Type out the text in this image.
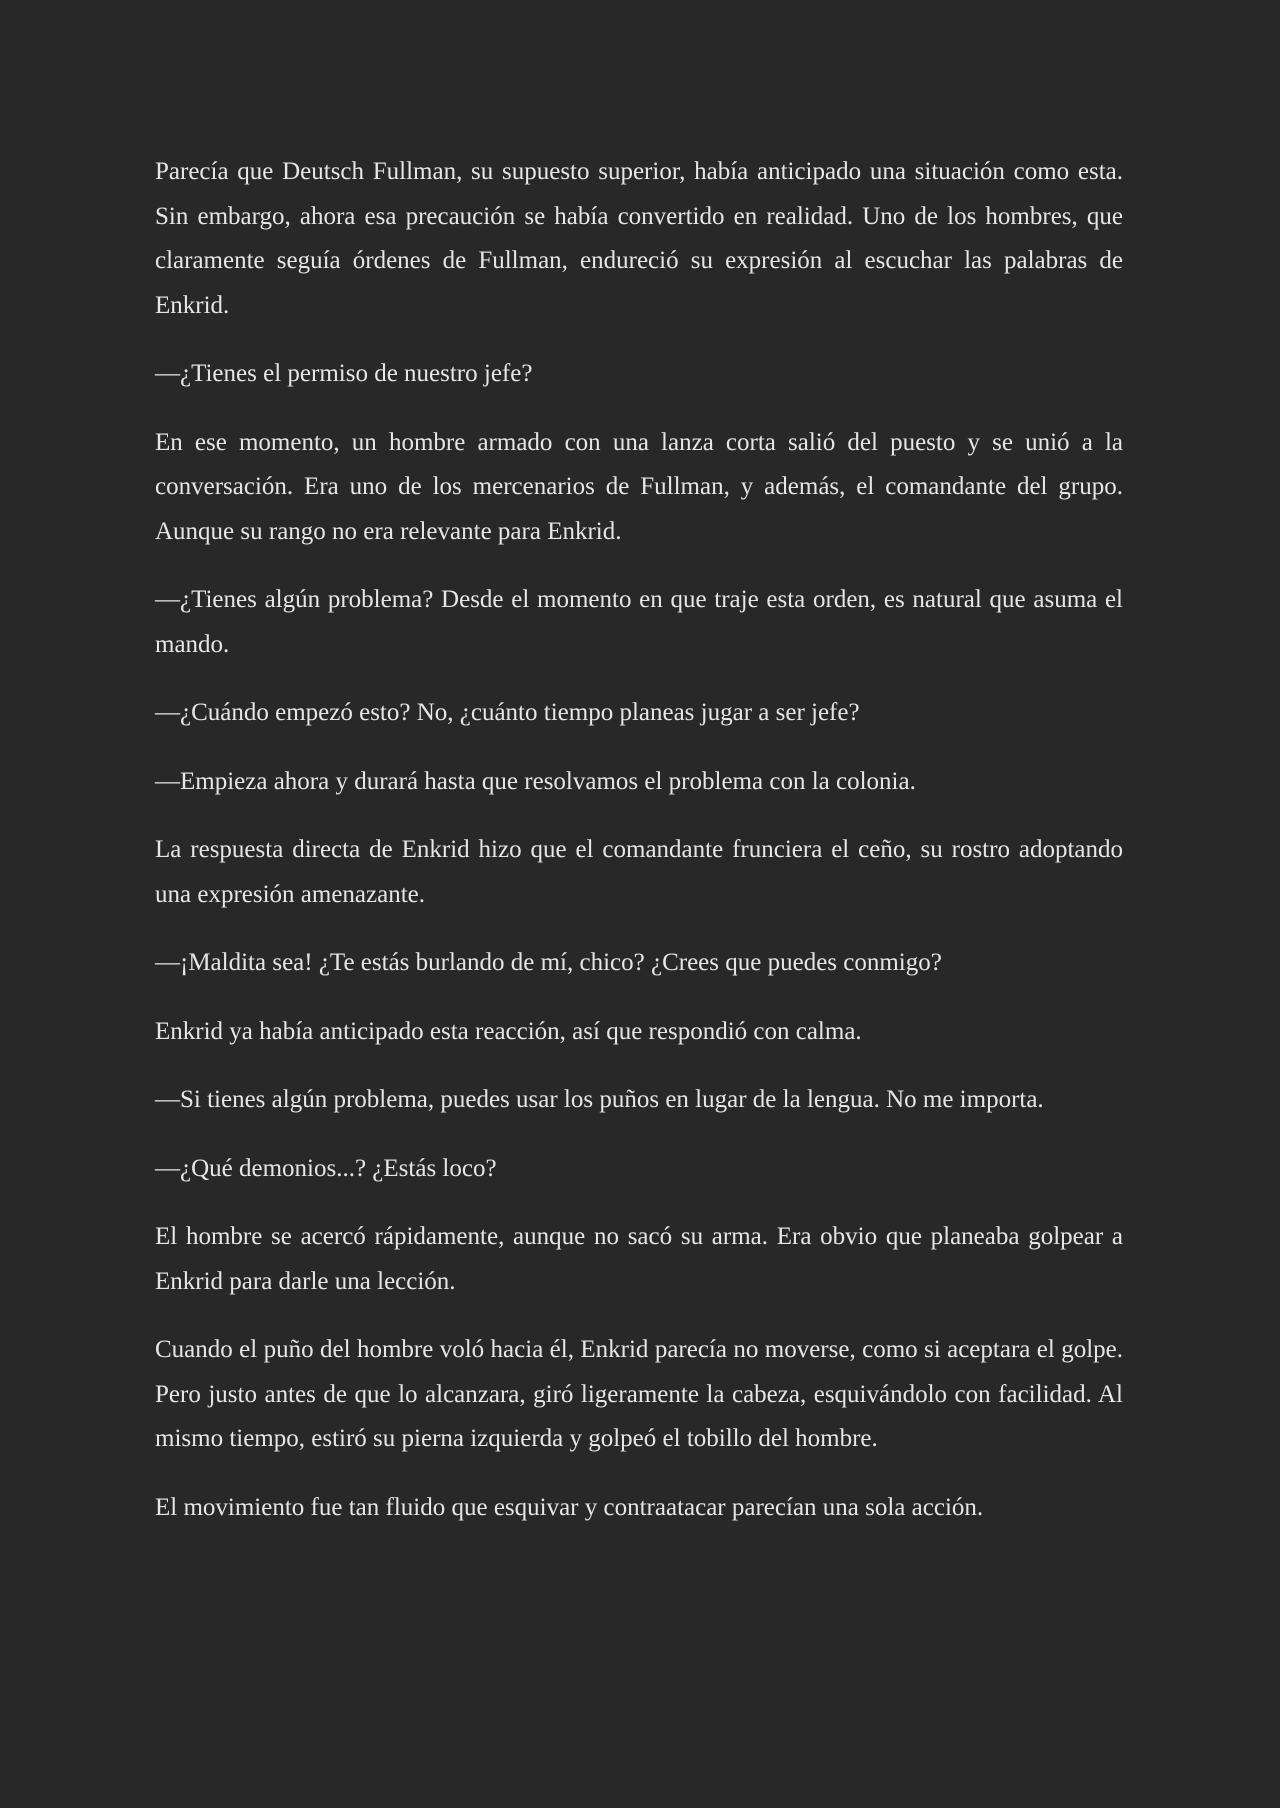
Parecía que Deutsch Fullman, su supuesto superior, había anticipado una situación como esta. Sin embargo, ahora esa precaución se había convertido en realidad. Uno de los hombres, que claramente seguía órdenes de Fullman, endureció su expresión al escuchar las palabras de Enkrid.

—¿Tienes el permiso de nuestro jefe?

En ese momento, un hombre armado con una lanza corta salió del puesto y se unió a la conversación. Era uno de los mercenarios de Fullman, y además, el comandante del grupo. Aunque su rango no era relevante para Enkrid.

—¿Tienes algún problema? Desde el momento en que traje esta orden, es natural que asuma el mando.

—¿Cuándo empezó esto? No, ¿cuánto tiempo planeas jugar a ser jefe?

—Empieza ahora y durará hasta que resolvamos el problema con la colonia.

La respuesta directa de Enkrid hizo que el comandante frunciera el ceño, su rostro adoptando una expresión amenazante.

—¡Maldita sea! ¿Te estás burlando de mí, chico? ¿Crees que puedes conmigo?

Enkrid ya había anticipado esta reacción, así que respondió con calma.

—Si tienes algún problema, puedes usar los puños en lugar de la lengua. No me importa.

—¿Qué demonios...? ¿Estás loco?

El hombre se acercó rápidamente, aunque no sacó su arma. Era obvio que planeaba golpear a Enkrid para darle una lección.

Cuando el puño del hombre voló hacia él, Enkrid parecía no moverse, como si aceptara el golpe. Pero justo antes de que lo alcanzara, giró ligeramente la cabeza, esquivándolo con facilidad. Al mismo tiempo, estiró su pierna izquierda y golpeó el tobillo del hombre.

El movimiento fue tan fluido que esquivar y contraatacar parecían una sola acción.
